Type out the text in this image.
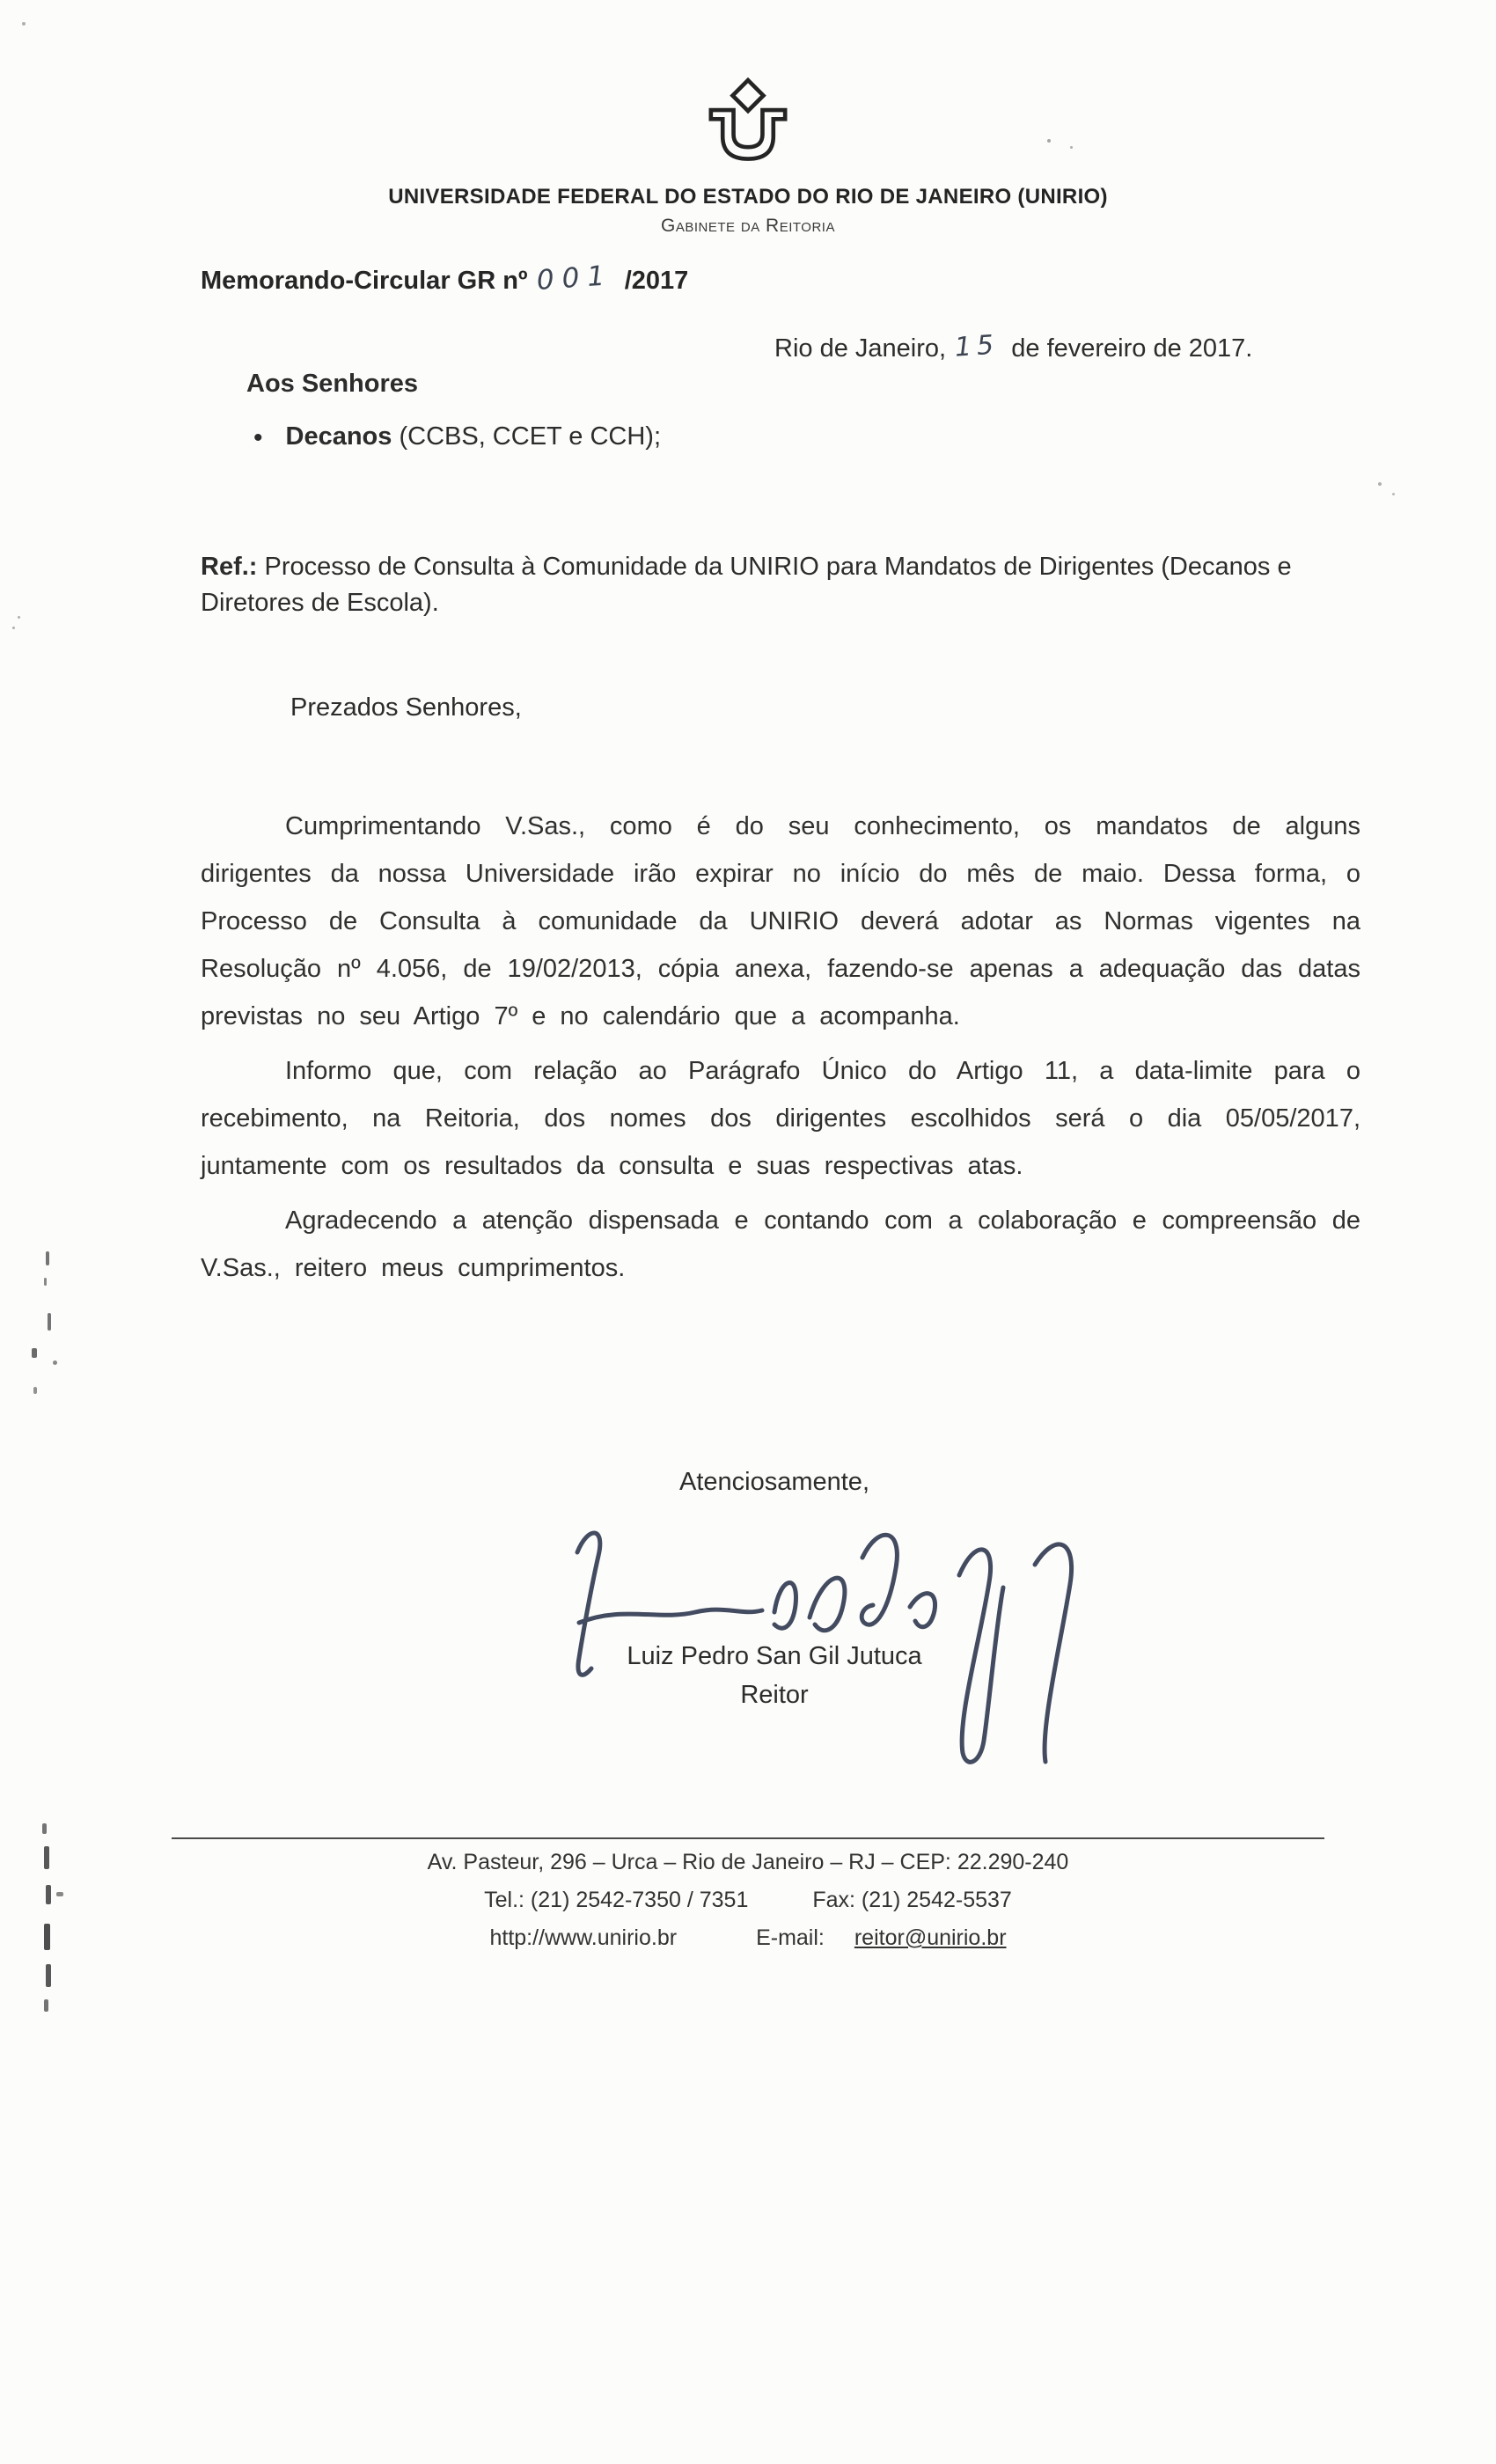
UNIVERSIDADE FEDERAL DO ESTADO DO RIO DE JANEIRO (UNIRIO)
Gabinete da Reitoria
Memorando-Circular GR nº 001 /2017
Rio de Janeiro, 15 de fevereiro de 2017.
Aos Senhores
• Decanos (CCBS, CCET e CCH);
Ref.: Processo de Consulta à Comunidade da UNIRIO para Mandatos de Dirigentes (Decanos e Diretores de Escola).
Prezados Senhores,

Cumprimentando V.Sas., como é do seu conhecimento, os mandatos de alguns dirigentes da nossa Universidade irão expirar no início do mês de maio. Dessa forma, o Processo de Consulta à comunidade da UNIRIO deverá adotar as Normas vigentes na Resolução nº 4.056, de 19/02/2013, cópia anexa, fazendo-se apenas a adequação das datas previstas no seu Artigo 7º e no calendário que a acompanha.

Informo que, com relação ao Parágrafo Único do Artigo 11, a data-limite para o recebimento, na Reitoria, dos nomes dos dirigentes escolhidos será o dia 05/05/2017, juntamente com os resultados da consulta e suas respectivas atas.

Agradecendo a atenção dispensada e contando com a colaboração e compreensão de V.Sas., reitero meus cumprimentos.

Atenciosamente,
Luiz Pedro San Gil Jutuca
Reitor
Av. Pasteur, 296 – Urca – Rio de Janeiro – RJ – CEP: 22.290-240
Tel.: (21) 2542-7350 / 7351	Fax: (21) 2542-5537
http://www.unirio.br	E-mail: reitor@unirio.br
